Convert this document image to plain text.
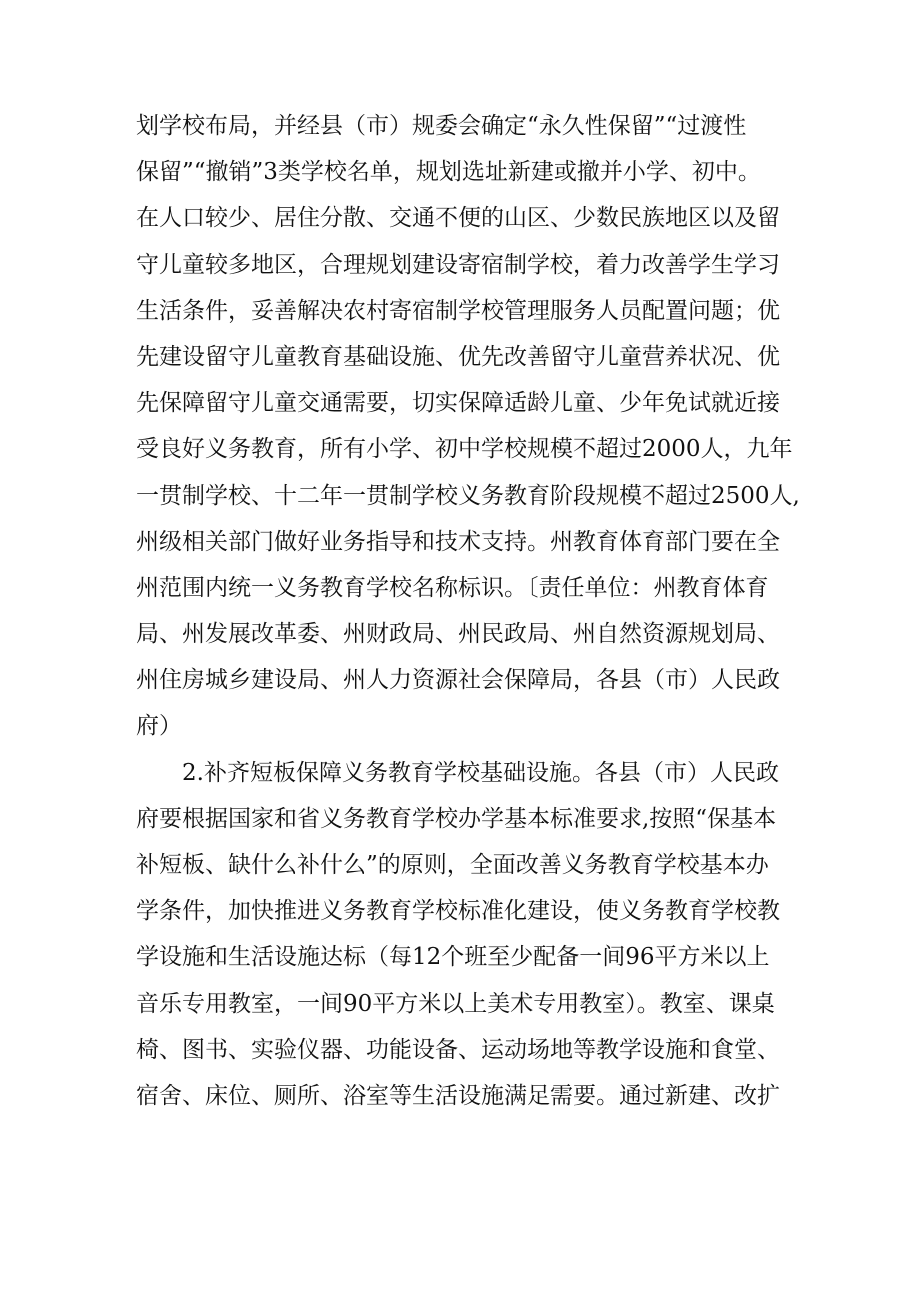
划学校布局，并经县（市）规委会确定“永久性保留”“过渡性
保留”“撤销”3类学校名单，规划选址新建或撤并小学、初中。
在人口较少、居住分散、交通不便的山区、少数民族地区以及留
守儿童较多地区，合理规划建设寄宿制学校，着力改善学生学习
生活条件，妥善解决农村寄宿制学校管理服务人员配置问题；优
先建设留守儿童教育基础设施、优先改善留守儿童营养状况、优
先保障留守儿童交通需要，切实保障适龄儿童、少年免试就近接
受良好义务教育，所有小学、初中学校规模不超过2000人，九年
一贯制学校、十二年一贯制学校义务教育阶段规模不超过2500人,
州级相关部门做好业务指导和技术支持。州教育体育部门要在全
州范围内统一义务教育学校名称标识。〔责任单位：州教育体育
局、州发展改革委、州财政局、州民政局、州自然资源规划局、
州住房城乡建设局、州人力资源社会保障局，各县（市）人民政
府）
2.补齐短板保障义务教育学校基础设施。各县（市）人民政
府要根据国家和省义务教育学校办学基本标准要求,按照“保基本
补短板、缺什么补什么”的原则，全面改善义务教育学校基本办
学条件，加快推进义务教育学校标准化建设，使义务教育学校教
学设施和生活设施达标（每12个班至少配备一间96平方米以上
音乐专用教室，一间90平方米以上美术专用教室）。教室、课桌
椅、图书、实验仪器、功能设备、运动场地等教学设施和食堂、
宿舍、床位、厕所、浴室等生活设施满足需要。通过新建、改扩
